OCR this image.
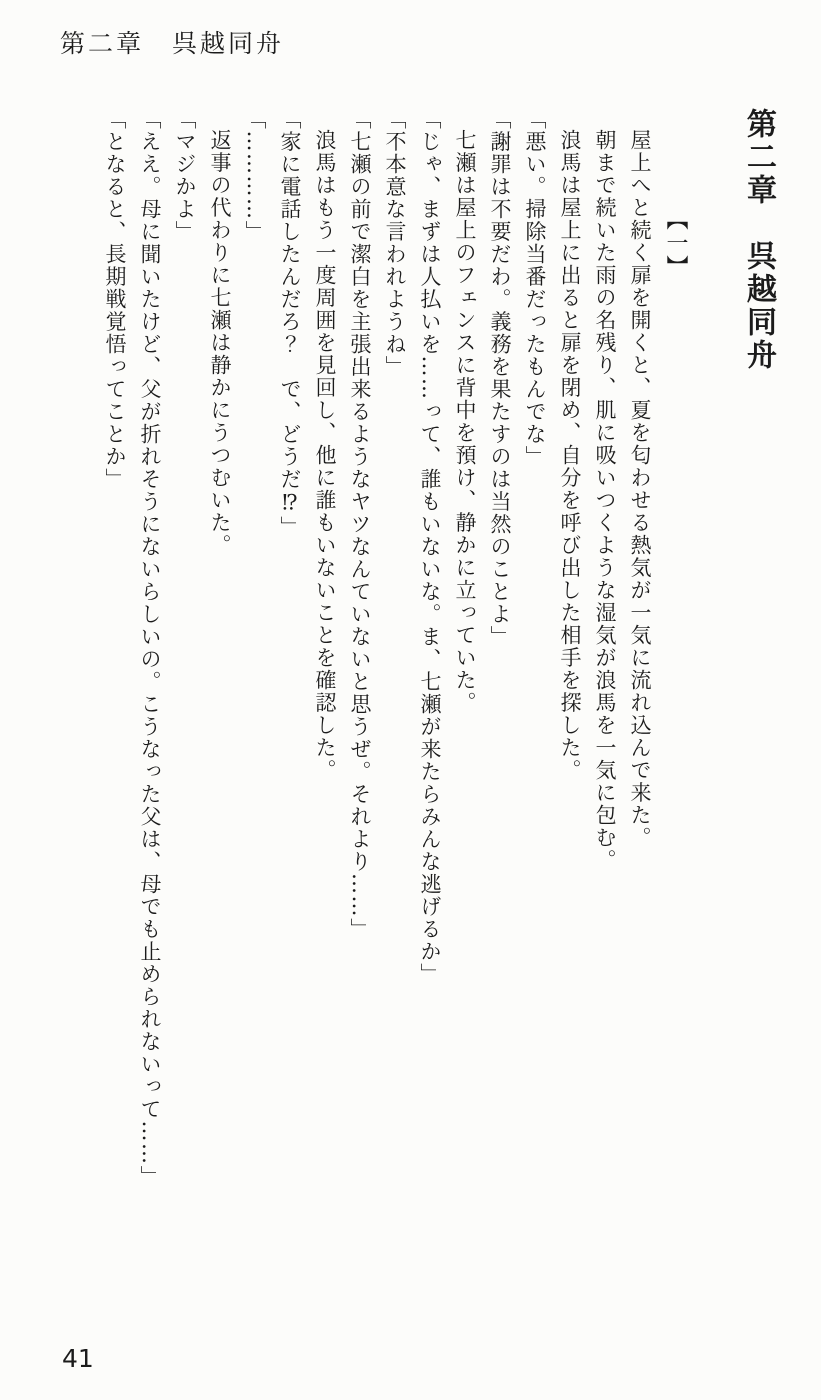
第二章　呉越同舟
第二章　呉越同舟

【一】

屋上へと続く扉を開くと、夏を匂わせる熱気が一気に流れ込んで来た。

朝まで続いた雨の名残り、肌に吸いつくような湿気が浪馬を一気に包む。

浪馬は屋上に出ると扉を閉め、自分を呼び出した相手を探した。

「悪い。掃除当番だったもんでな」

「謝罪は不要だわ。義務を果たすのは当然のことよ」

七瀬は屋上のフェンスに背中を預け、静かに立っていた。

「じゃ、まずは人払いを……って、誰もいないな。ま、七瀬が来たらみんな逃げるか」

「不本意な言われようね」

「七瀬の前で潔白を主張出来るようなヤツなんていないと思うぜ。それより……」

浪馬はもう一度周囲を見回し、他に誰もいないことを確認した。

「家に電話したんだろ？　で、どうだ⁉」

「…………」

返事の代わりに七瀬は静かにうつむいた。

「マジかよ」

「ええ。母に聞いたけど、父が折れそうにないらしいの。こうなった父は、母でも止められないって……」

「となると、長期戦覚悟ってことか」

41
